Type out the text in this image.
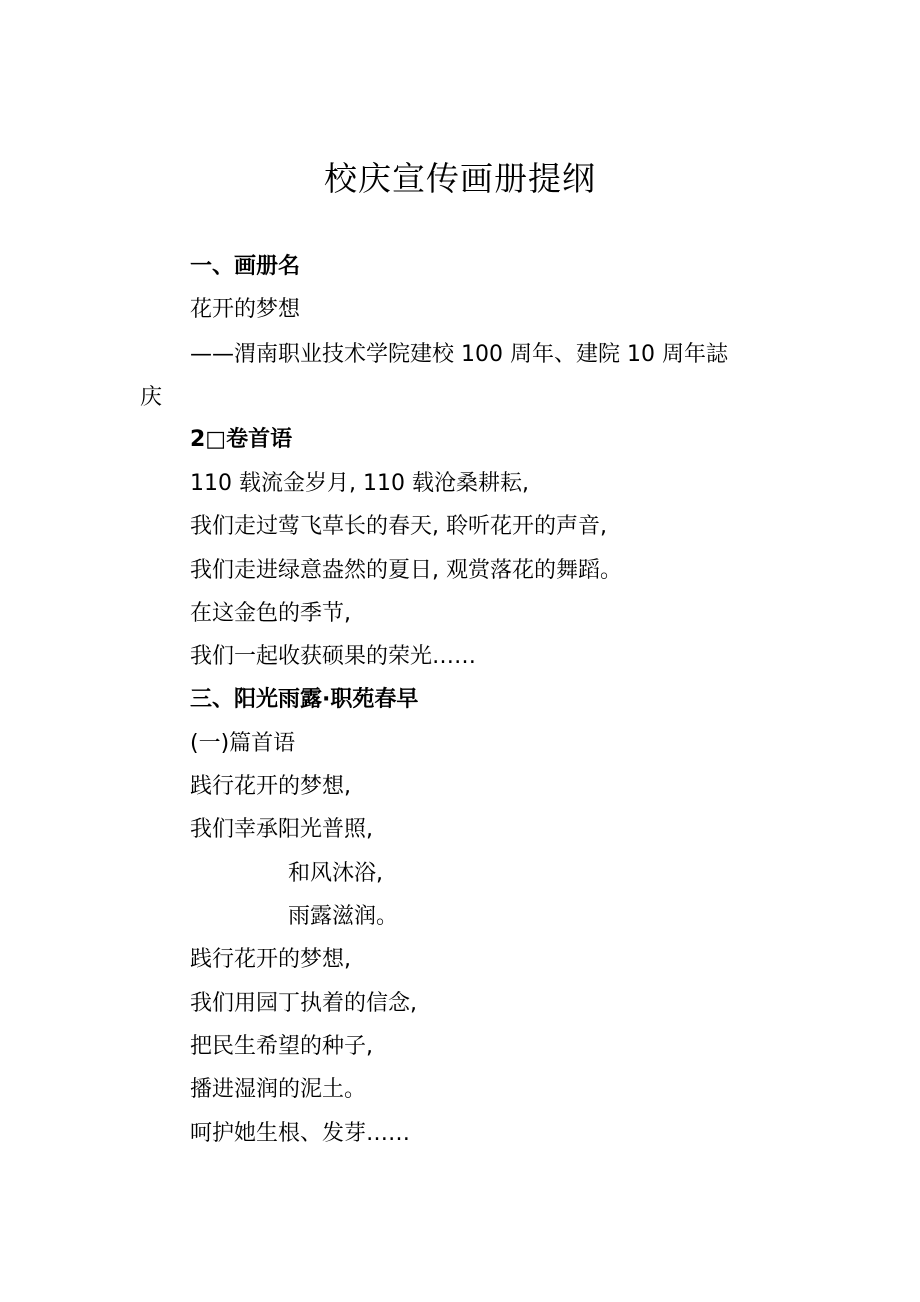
校庆宣传画册提纲
一、画册名
花开的梦想
——渭南职业技术学院建校 100 周年、建院 10 周年誌
庆
2□卷首语
110 载流金岁月, 110 载沧桑耕耘,
我们走过莺飞草长的春天, 聆听花开的声音,
我们走进绿意盎然的夏日, 观赏落花的舞蹈。
在这金色的季节,
我们一起收获硕果的荣光……
三、阳光雨露·职苑春早
(一)篇首语
践行花开的梦想,
我们幸承阳光普照,
和风沐浴,
雨露滋润。
践行花开的梦想,
我们用园丁执着的信念,
把民生希望的种子,
播进湿润的泥土。
呵护她生根、发芽……
